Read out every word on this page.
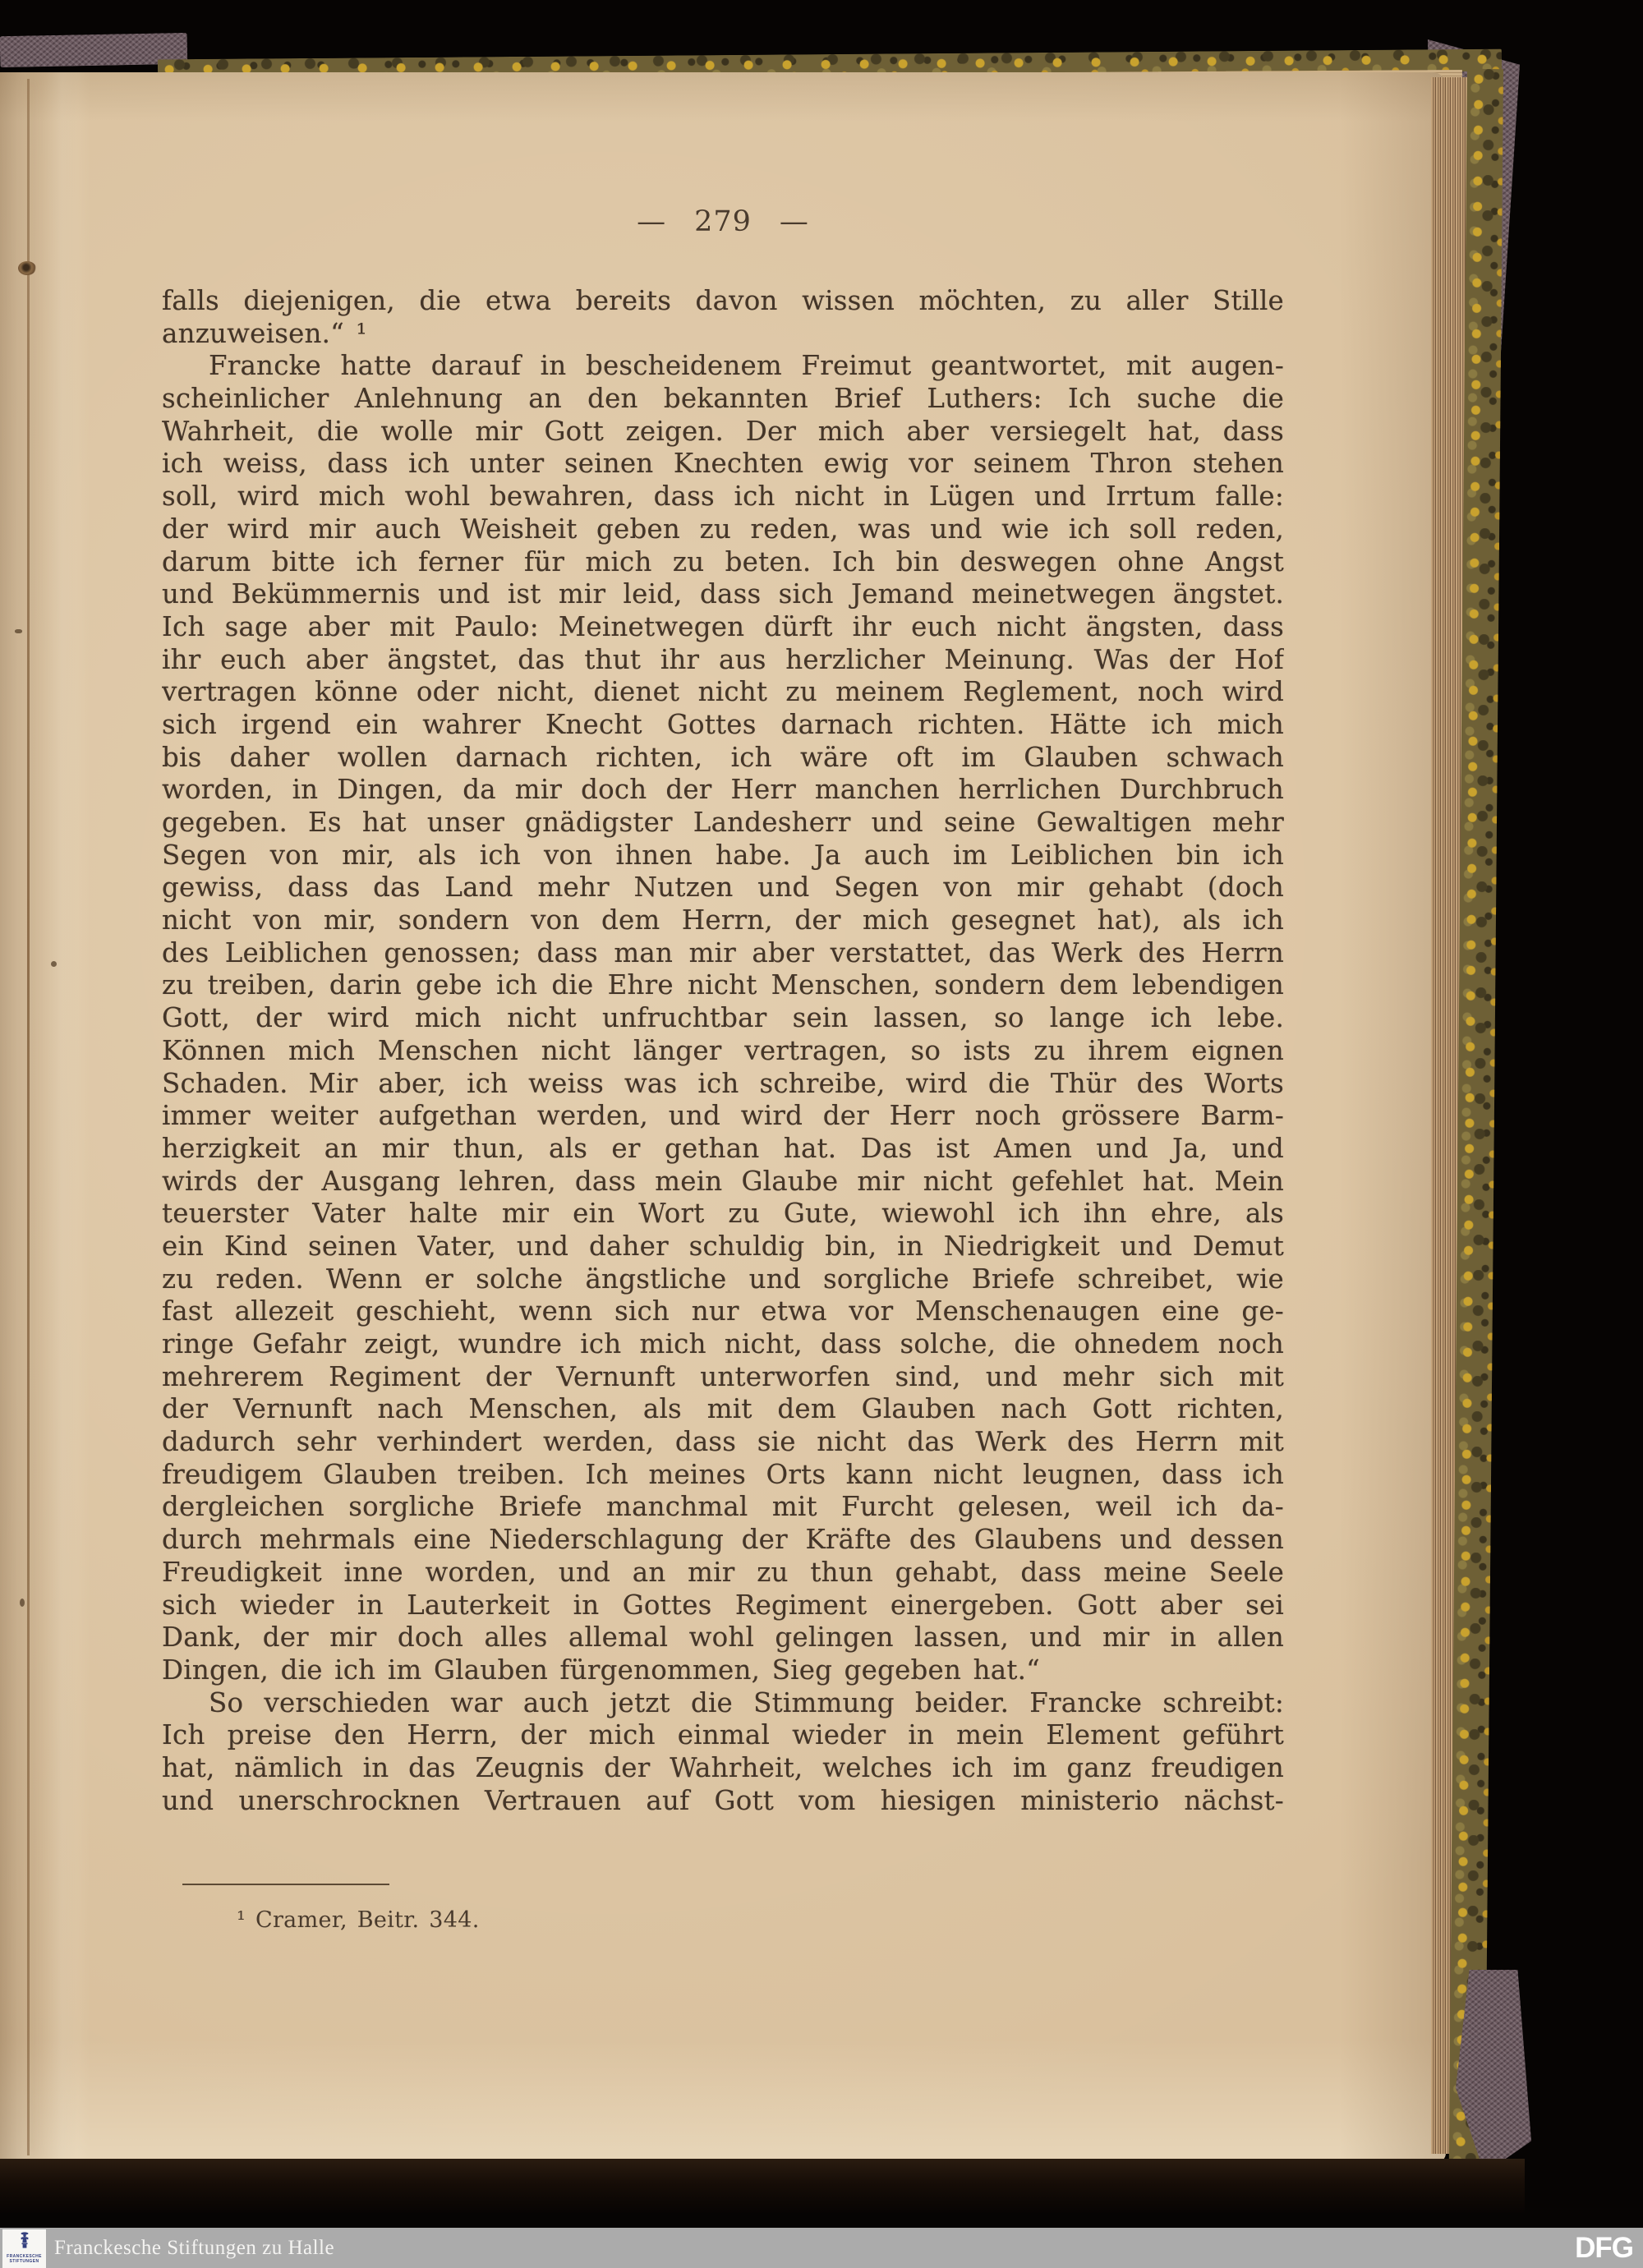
— 279 —
falls diejenigen, die etwa bereits davon wissen möchten, zu aller Stille
anzuweisen.“ ¹
Francke hatte darauf in bescheidenem Freimut geantwortet, mit augen-
scheinlicher Anlehnung an den bekannten Brief Luthers: Ich suche die
Wahrheit, die wolle mir Gott zeigen. Der mich aber versiegelt hat, dass
ich weiss, dass ich unter seinen Knechten ewig vor seinem Thron stehen
soll, wird mich wohl bewahren, dass ich nicht in Lügen und Irrtum falle:
der wird mir auch Weisheit geben zu reden, was und wie ich soll reden,
darum bitte ich ferner für mich zu beten. Ich bin deswegen ohne Angst
und Bekümmernis und ist mir leid, dass sich Jemand meinetwegen ängstet.
Ich sage aber mit Paulo: Meinetwegen dürft ihr euch nicht ängsten, dass
ihr euch aber ängstet, das thut ihr aus herzlicher Meinung. Was der Hof
vertragen könne oder nicht, dienet nicht zu meinem Reglement, noch wird
sich irgend ein wahrer Knecht Gottes darnach richten. Hätte ich mich
bis daher wollen darnach richten, ich wäre oft im Glauben schwach
worden, in Dingen, da mir doch der Herr manchen herrlichen Durchbruch
gegeben. Es hat unser gnädigster Landesherr und seine Gewaltigen mehr
Segen von mir, als ich von ihnen habe. Ja auch im Leiblichen bin ich
gewiss, dass das Land mehr Nutzen und Segen von mir gehabt (doch
nicht von mir, sondern von dem Herrn, der mich gesegnet hat), als ich
des Leiblichen genossen; dass man mir aber verstattet, das Werk des Herrn
zu treiben, darin gebe ich die Ehre nicht Menschen, sondern dem lebendigen
Gott, der wird mich nicht unfruchtbar sein lassen, so lange ich lebe.
Können mich Menschen nicht länger vertragen, so ists zu ihrem eignen
Schaden. Mir aber, ich weiss was ich schreibe, wird die Thür des Worts
immer weiter aufgethan werden, und wird der Herr noch grössere Barm-
herzigkeit an mir thun, als er gethan hat. Das ist Amen und Ja, und
wirds der Ausgang lehren, dass mein Glaube mir nicht gefehlet hat. Mein
teuerster Vater halte mir ein Wort zu Gute, wiewohl ich ihn ehre, als
ein Kind seinen Vater, und daher schuldig bin, in Niedrigkeit und Demut
zu reden. Wenn er solche ängstliche und sorgliche Briefe schreibet, wie
fast allezeit geschieht, wenn sich nur etwa vor Menschenaugen eine ge-
ringe Gefahr zeigt, wundre ich mich nicht, dass solche, die ohnedem noch
mehrerem Regiment der Vernunft unterworfen sind, und mehr sich mit
der Vernunft nach Menschen, als mit dem Glauben nach Gott richten,
dadurch sehr verhindert werden, dass sie nicht das Werk des Herrn mit
freudigem Glauben treiben. Ich meines Orts kann nicht leugnen, dass ich
dergleichen sorgliche Briefe manchmal mit Furcht gelesen, weil ich da-
durch mehrmals eine Niederschlagung der Kräfte des Glaubens und dessen
Freudigkeit inne worden, und an mir zu thun gehabt, dass meine Seele
sich wieder in Lauterkeit in Gottes Regiment einergeben. Gott aber sei
Dank, der mir doch alles allemal wohl gelingen lassen, und mir in allen
Dingen, die ich im Glauben fürgenommen, Sieg gegeben hat.“
So verschieden war auch jetzt die Stimmung beider. Francke schreibt:
Ich preise den Herrn, der mich einmal wieder in mein Element geführt
hat, nämlich in das Zeugnis der Wahrheit, welches ich im ganz freudigen
und unerschrocknen Vertrauen auf Gott vom hiesigen ministerio nächst-
¹ Cramer, Beitr. 344.
FRANCKESCHE
STIFTUNGEN
Franckesche Stiftungen zu Halle	DFG
